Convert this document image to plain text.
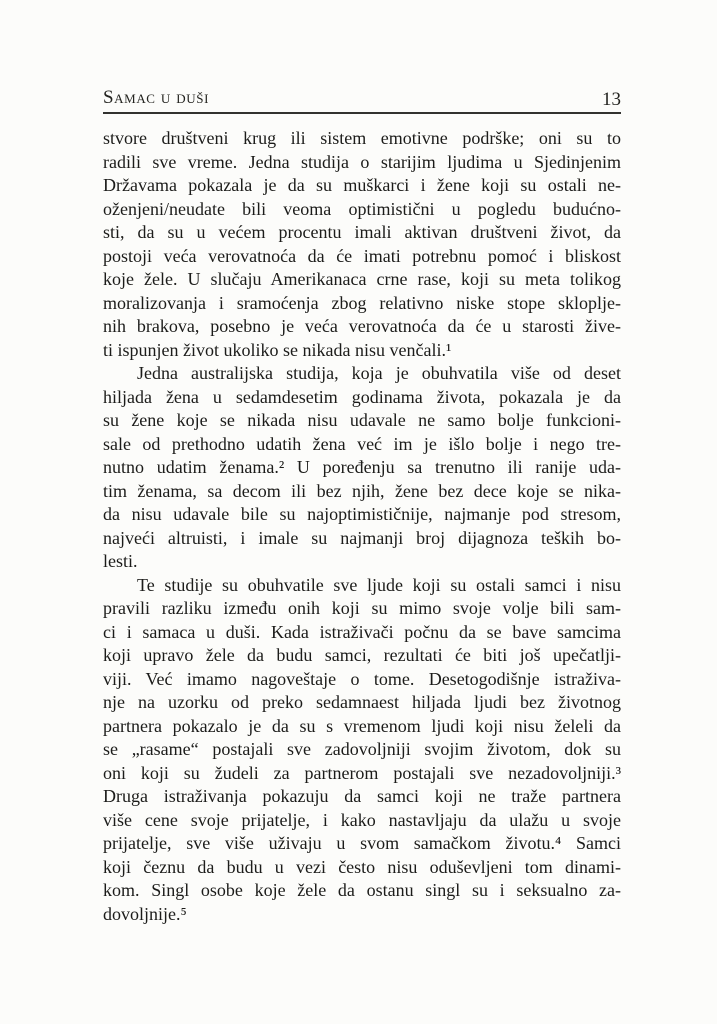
Samac u duši	13
stvore društveni krug ili sistem emotivne podrške; oni su to
radili sve vreme. Jedna studija o starijim ljudima u Sjedinjenim
Državama pokazala je da su muškarci i žene koji su ostali ne-
oženjeni/neudate bili veoma optimistični u pogledu budućno-
sti, da su u većem procentu imali aktivan društveni život, da
postoji veća verovatnoća da će imati potrebnu pomoć i bliskost
koje žele. U slučaju Amerikanaca crne rase, koji su meta tolikog
moralizovanja i sramoćenja zbog relativno niske stope skloplje-
nih brakova, posebno je veća verovatnoća da će u starosti žive-
ti ispunjen život ukoliko se nikada nisu venčali.¹
Jedna australijska studija, koja je obuhvatila više od deset
hiljada žena u sedamdesetim godinama života, pokazala je da
su žene koje se nikada nisu udavale ne samo bolje funkcioni-
sale od prethodno udatih žena već im je išlo bolje i nego tre-
nutno udatim ženama.² U poređenju sa trenutno ili ranije uda-
tim ženama, sa decom ili bez njih, žene bez dece koje se nika-
da nisu udavale bile su najoptimističnije, najmanje pod stresom,
najveći altruisti, i imale su najmanji broj dijagnoza teških bo-
lesti.
Te studije su obuhvatile sve ljude koji su ostali samci i nisu
pravili razliku između onih koji su mimo svoje volje bili sam-
ci i samaca u duši. Kada istraživači počnu da se bave samcima
koji upravo žele da budu samci, rezultati će biti još upečatlji-
viji. Već imamo nagoveštaje o tome. Desetogodišnje istraživa-
nje na uzorku od preko sedamnaest hiljada ljudi bez životnog
partnera pokazalo je da su s vremenom ljudi koji nisu želeli da
se „rasame“ postajali sve zadovoljniji svojim životom, dok su
oni koji su žudeli za partnerom postajali sve nezadovoljniji.³
Druga istraživanja pokazuju da samci koji ne traže partnera
više cene svoje prijatelje, i kako nastavljaju da ulažu u svoje
prijatelje, sve više uživaju u svom samačkom životu.⁴ Samci
koji čeznu da budu u vezi često nisu oduševljeni tom dinami-
kom. Singl osobe koje žele da ostanu singl su i seksualno za-
dovoljnije.⁵
